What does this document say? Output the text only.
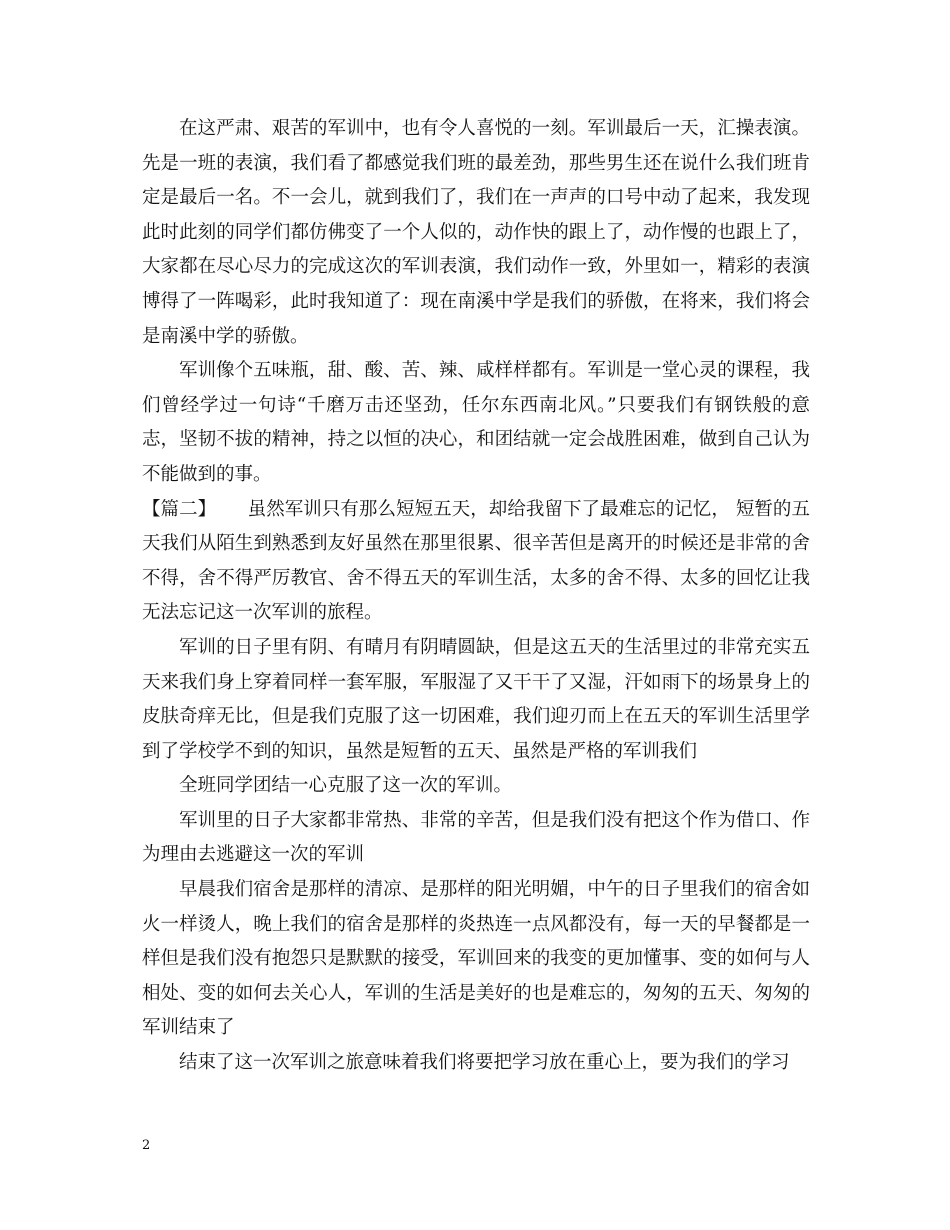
在这严肃、艰苦的军训中，也有令人喜悦的一刻。军训最后一天，汇操表演。先是一班的表演，我们看了都感觉我们班的最差劲，那些男生还在说什么我们班肯定是最后一名。不一会儿，就到我们了，我们在一声声的口号中动了起来，我发现此时此刻的同学们都仿佛变了一个人似的，动作快的跟上了，动作慢的也跟上了，大家都在尽心尽力的完成这次的军训表演，我们动作一致，外里如一，精彩的表演博得了一阵喝彩，此时我知道了：现在南溪中学是我们的骄傲，在将来，我们将会是南溪中学的骄傲。

军训像个五味瓶，甜、酸、苦、辣、咸样样都有。军训是一堂心灵的课程，我们曾经学过一句诗“千磨万击还坚劲，任尔东西南北风。”只要我们有钢铁般的意志，坚韧不拔的精神，持之以恒的决心，和团结就一定会战胜困难，做到自己认为不能做到的事。

【篇二】 虽然军训只有那么短短五天，却给我留下了最难忘的记忆， 短暂的五天我们从陌生到熟悉到友好虽然在那里很累、很辛苦但是离开的时候还是非常的舍不得，舍不得严厉教官、舍不得五天的军训生活，太多的舍不得、太多的回忆让我无法忘记这一次军训的旅程。

军训的日子里有阴、有晴月有阴晴圆缺，但是这五天的生活里过的非常充实五天来我们身上穿着同样一套军服，军服湿了又干干了又湿，汗如雨下的场景身上的皮肤奇痒无比，但是我们克服了这一切困难，我们迎刃而上在五天的军训生活里学到了学校学不到的知识，虽然是短暂的五天、虽然是严格的军训我们

全班同学团结一心克服了这一次的军训。

军训里的日子大家都非常热、非常的辛苦，但是我们没有把这个作为借口、作为理由去逃避这一次的军训

早晨我们宿舍是那样的清凉、是那样的阳光明媚，中午的日子里我们的宿舍如火一样烫人，晚上我们的宿舍是那样的炎热连一点风都没有，每一天的早餐都是一样但是我们没有抱怨只是默默的接受，军训回来的我变的更加懂事、变的如何与人相处、变的如何去关心人，军训的生活是美好的也是难忘的，匆匆的五天、匆匆的军训结束了

结束了这一次军训之旅意味着我们将要把学习放在重心上，要为我们的学习

2
